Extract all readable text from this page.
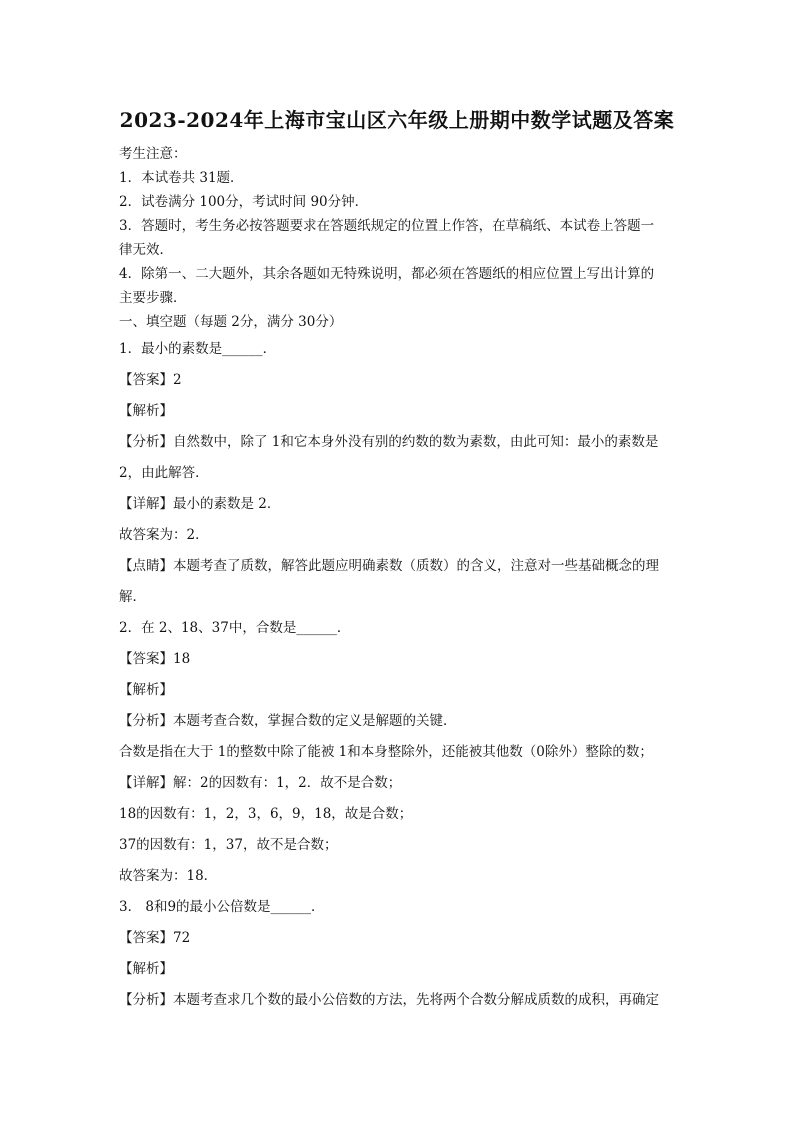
2023-2024年上海市宝山区六年级上册期中数学试题及答案
考生注意：
1．本试卷共 31题．
2．试卷满分 100分，考试时间 90分钟．
3．答题时，考生务必按答题要求在答题纸规定的位置上作答，在草稿纸、本试卷上答题一
律无效．
4．除第一、二大题外，其余各题如无特殊说明，都必须在答题纸的相应位置上写出计算的
主要步骤．
一、填空题（每题 2分，满分 30分）
1．最小的素数是______．
【答案】2
【解析】
【分析】自然数中，除了 1和它本身外没有别的约数的数为素数，由此可知：最小的素数是
2，由此解答．
【详解】最小的素数是 2．
故答案为：2．
【点睛】本题考查了质数，解答此题应明确素数（质数）的含义，注意对一些基础概念的理
解．
2．在 2、18、37中，合数是______．
【答案】18
【解析】
【分析】本题考查合数，掌握合数的定义是解题的关键．
合数是指在大于 1的整数中除了能被 1和本身整除外，还能被其他数（0除外）整除的数；
【详解】解：2的因数有：1，2．故不是合数；
18的因数有：1，2，3，6，9，18，故是合数；
37的因数有：1，37，故不是合数；
故答案为：18．
3． 8和9的最小公倍数是______．
【答案】72
【解析】
【分析】本题考查求几个数的最小公倍数的方法，先将两个合数分解成质数的成积，再确定
